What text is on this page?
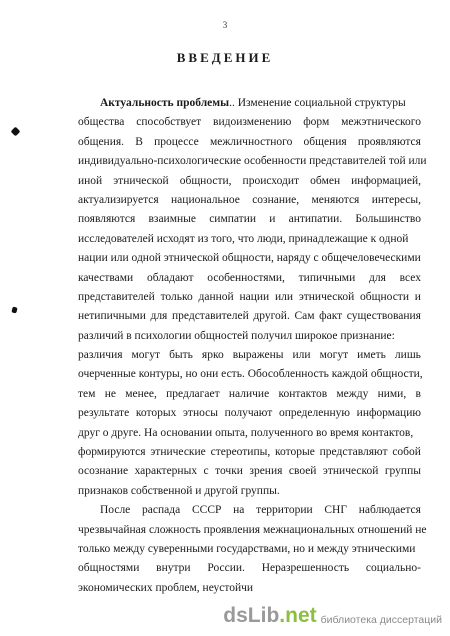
3
ВВЕДЕНИЕ
Актуальность проблемы.. Изменение социальной структуры
общества способствует видоизменению форм межэтнического
общения. В процессе межличностного общения проявляются
индивидуально-психологические особенности представителей той или
иной этнической общности, происходит обмен информацией,
актуализируется национальное сознание, меняются интересы,
появляются взаимные симпатии и антипатии. Большинство
исследователей исходят из того, что люди, принадлежащие к одной
нации или одной этнической общности, наряду с общечеловеческими
качествами обладают особенностями, типичными для всех
представителей только данной нации или этнической общности и
нетипичными для представителей другой. Сам факт существования
различий в психологии общностей получил широкое признание:
различия могут быть ярко выражены или могут иметь лишь
очерченные контуры, но они есть. Обособленность каждой общности,
тем не менее, предлагает наличие контактов между ними, в
результате которых этносы получают определенную информацию
друг о друге. На основании опыта, полученного во время контактов,
формируются этнические стереотипы, которые представляют собой
осознание характерных с точки зрения своей этнической группы
признаков собственной и другой группы.
После распада СССР на территории СНГ наблюдается
чрезвычайная сложность проявления межнациональных отношений не
только между суверенными государствами, но и между этническими
общностями внутри России. Неразрешенность социально-
экономических проблем, неустойчи
dsLib.net библиотека диссертаций
